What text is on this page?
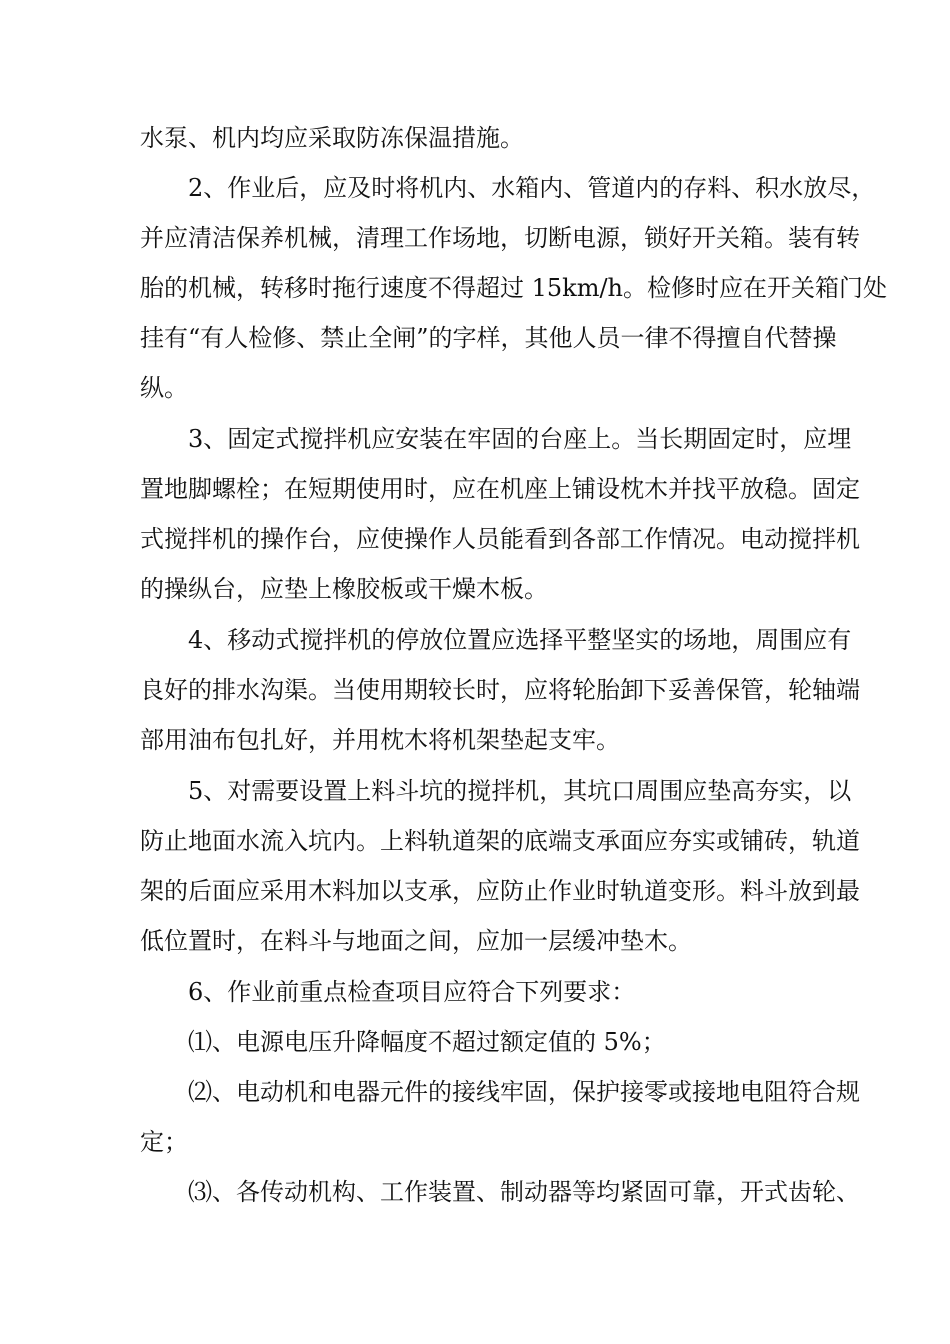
水泵、机内均应采取防冻保温措施。
2、作业后，应及时将机内、水箱内、管道内的存料、积水放尽，
并应清洁保养机械，清理工作场地，切断电源，锁好开关箱。装有转
胎的机械，转移时拖行速度不得超过 15km/h。检修时应在开关箱门处
挂有“有人检修、禁止全闸”的字样，其他人员一律不得擅自代替操
纵。
3、固定式搅拌机应安装在牢固的台座上。当长期固定时，应埋
置地脚螺栓；在短期使用时，应在机座上铺设枕木并找平放稳。固定
式搅拌机的操作台，应使操作人员能看到各部工作情况。电动搅拌机
的操纵台，应垫上橡胶板或干燥木板。
4、移动式搅拌机的停放位置应选择平整坚实的场地，周围应有
良好的排水沟渠。当使用期较长时，应将轮胎卸下妥善保管，轮轴端
部用油布包扎好，并用枕木将机架垫起支牢。
5、对需要设置上料斗坑的搅拌机，其坑口周围应垫高夯实，以
防止地面水流入坑内。上料轨道架的底端支承面应夯实或铺砖，轨道
架的后面应采用木料加以支承，应防止作业时轨道变形。料斗放到最
低位置时，在料斗与地面之间，应加一层缓冲垫木。
6、作业前重点检查项目应符合下列要求：
⑴、电源电压升降幅度不超过额定值的 5%；
⑵、电动机和电器元件的接线牢固，保护接零或接地电阻符合规
定；
⑶、各传动机构、工作装置、制动器等均紧固可靠，开式齿轮、
